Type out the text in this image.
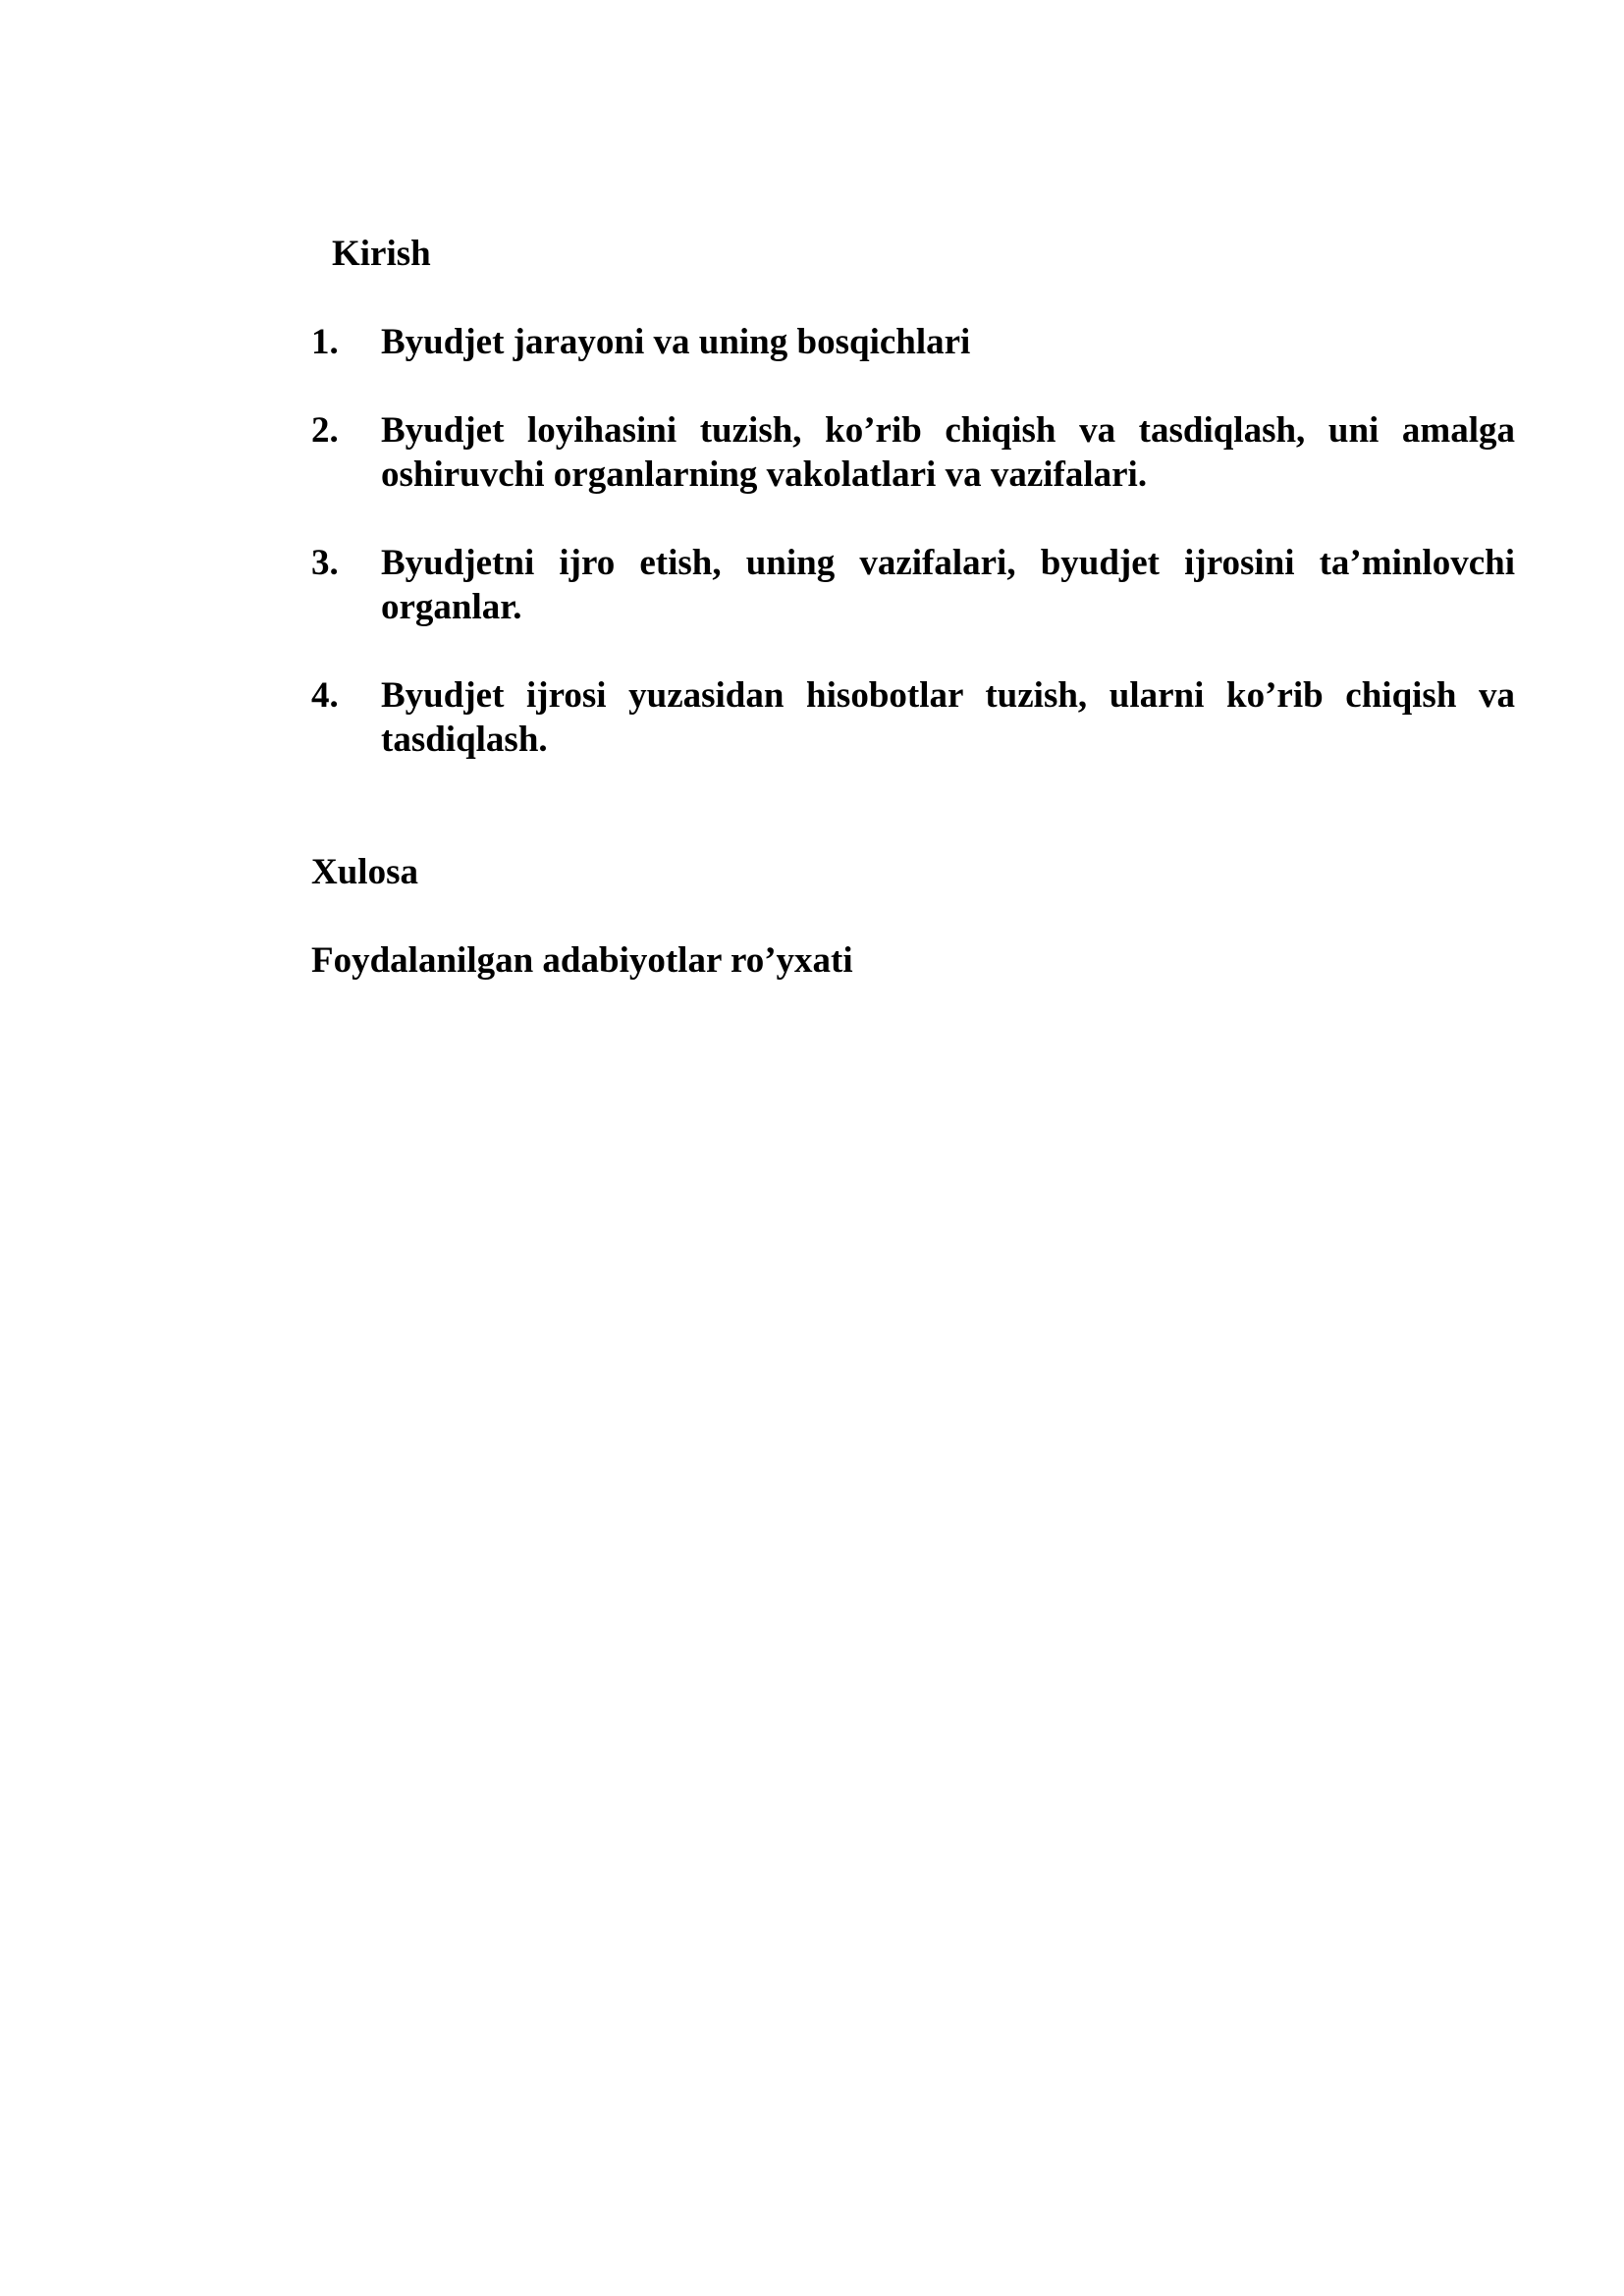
Kirish

1.	Byudjet jarayoni va uning bosqichlari
2.	Byudjet loyihasini tuzish, ko’rib chiqish va tasdiqlash, uni amalga oshiruvchi organlarning vakolatlari va vazifalari.
3.	Byudjetni ijro etish, uning vazifalari, byudjet ijrosini ta’minlovchi organlar.
4.	Byudjet ijrosi yuzasidan hisobotlar tuzish, ularni ko’rib chiqish va tasdiqlash.

Xulosa

Foydalanilgan adabiyotlar ro’yxati
